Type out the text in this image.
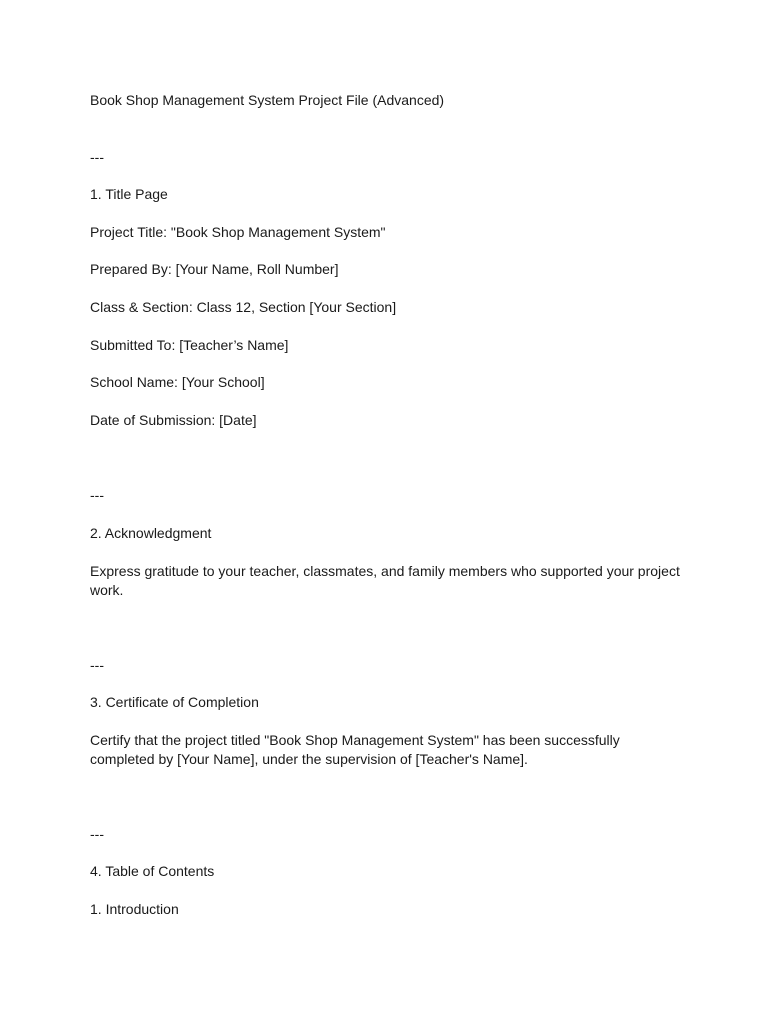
Book Shop Management System Project File (Advanced)

---

1. Title Page

Project Title: "Book Shop Management System"

Prepared By: [Your Name, Roll Number]

Class & Section: Class 12, Section [Your Section]

Submitted To: [Teacher’s Name]

School Name: [Your School]

Date of Submission: [Date]

---

2. Acknowledgment

Express gratitude to your teacher, classmates, and family members who supported your project work.

---

3. Certificate of Completion

Certify that the project titled "Book Shop Management System" has been successfully completed by [Your Name], under the supervision of [Teacher's Name].

---

4. Table of Contents

1. Introduction
